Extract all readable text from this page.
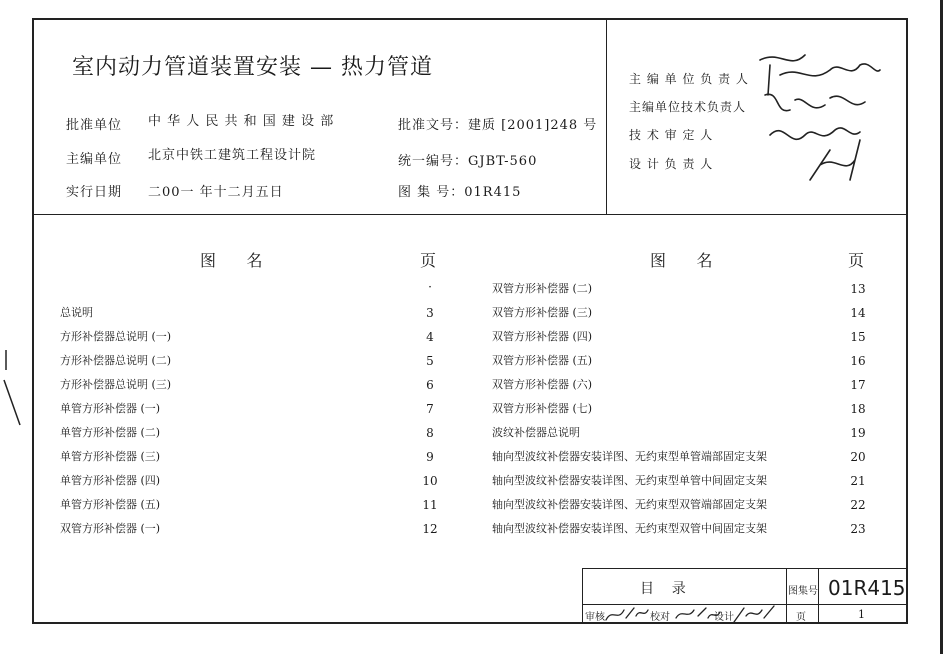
室内动力管道装置安装 — 热力管道
批准单位 中 华 人 民 共 和 国 建 设 部
主编单位 北京中铁工建筑工程设计院
实行日期 二00一 年十二月五日
批准文号：建质 [2001]248 号
统一编号：GJBT-560
图 集 号：01R415
主 编 单 位 负 责 人
主编单位技术负责人
技 术 审 定 人
设 计 负 责 人
图      名	页	图      名	页
·
总说明	3
方形补偿器总说明 (一)	4
方形补偿器总说明 (二)	5
方形补偿器总说明 (三)	6
单管方形补偿器 (一)	7
单管方形补偿器 (二)	8
单管方形补偿器 (三)	9
单管方形补偿器 (四)	10
单管方形补偿器 (五)	11
双管方形补偿器 (一)	12
双管方形补偿器 (二)	13
双管方形补偿器 (三)	14
双管方形补偿器 (四)	15
双管方形补偿器 (五)	16
双管方形补偿器 (六)	17
双管方形补偿器 (七)	18
波纹补偿器总说明	19
轴向型波纹补偿器安装详图、无约束型单管端部固定支架	20
轴向型波纹补偿器安装详图、无约束型单管中间固定支架	21
轴向型波纹补偿器安装详图、无约束型双管端部固定支架	22
轴向型波纹补偿器安装详图、无约束型双管中间固定支架	23
目    录	图集号 01R415
审核	校对	设计	页	1
